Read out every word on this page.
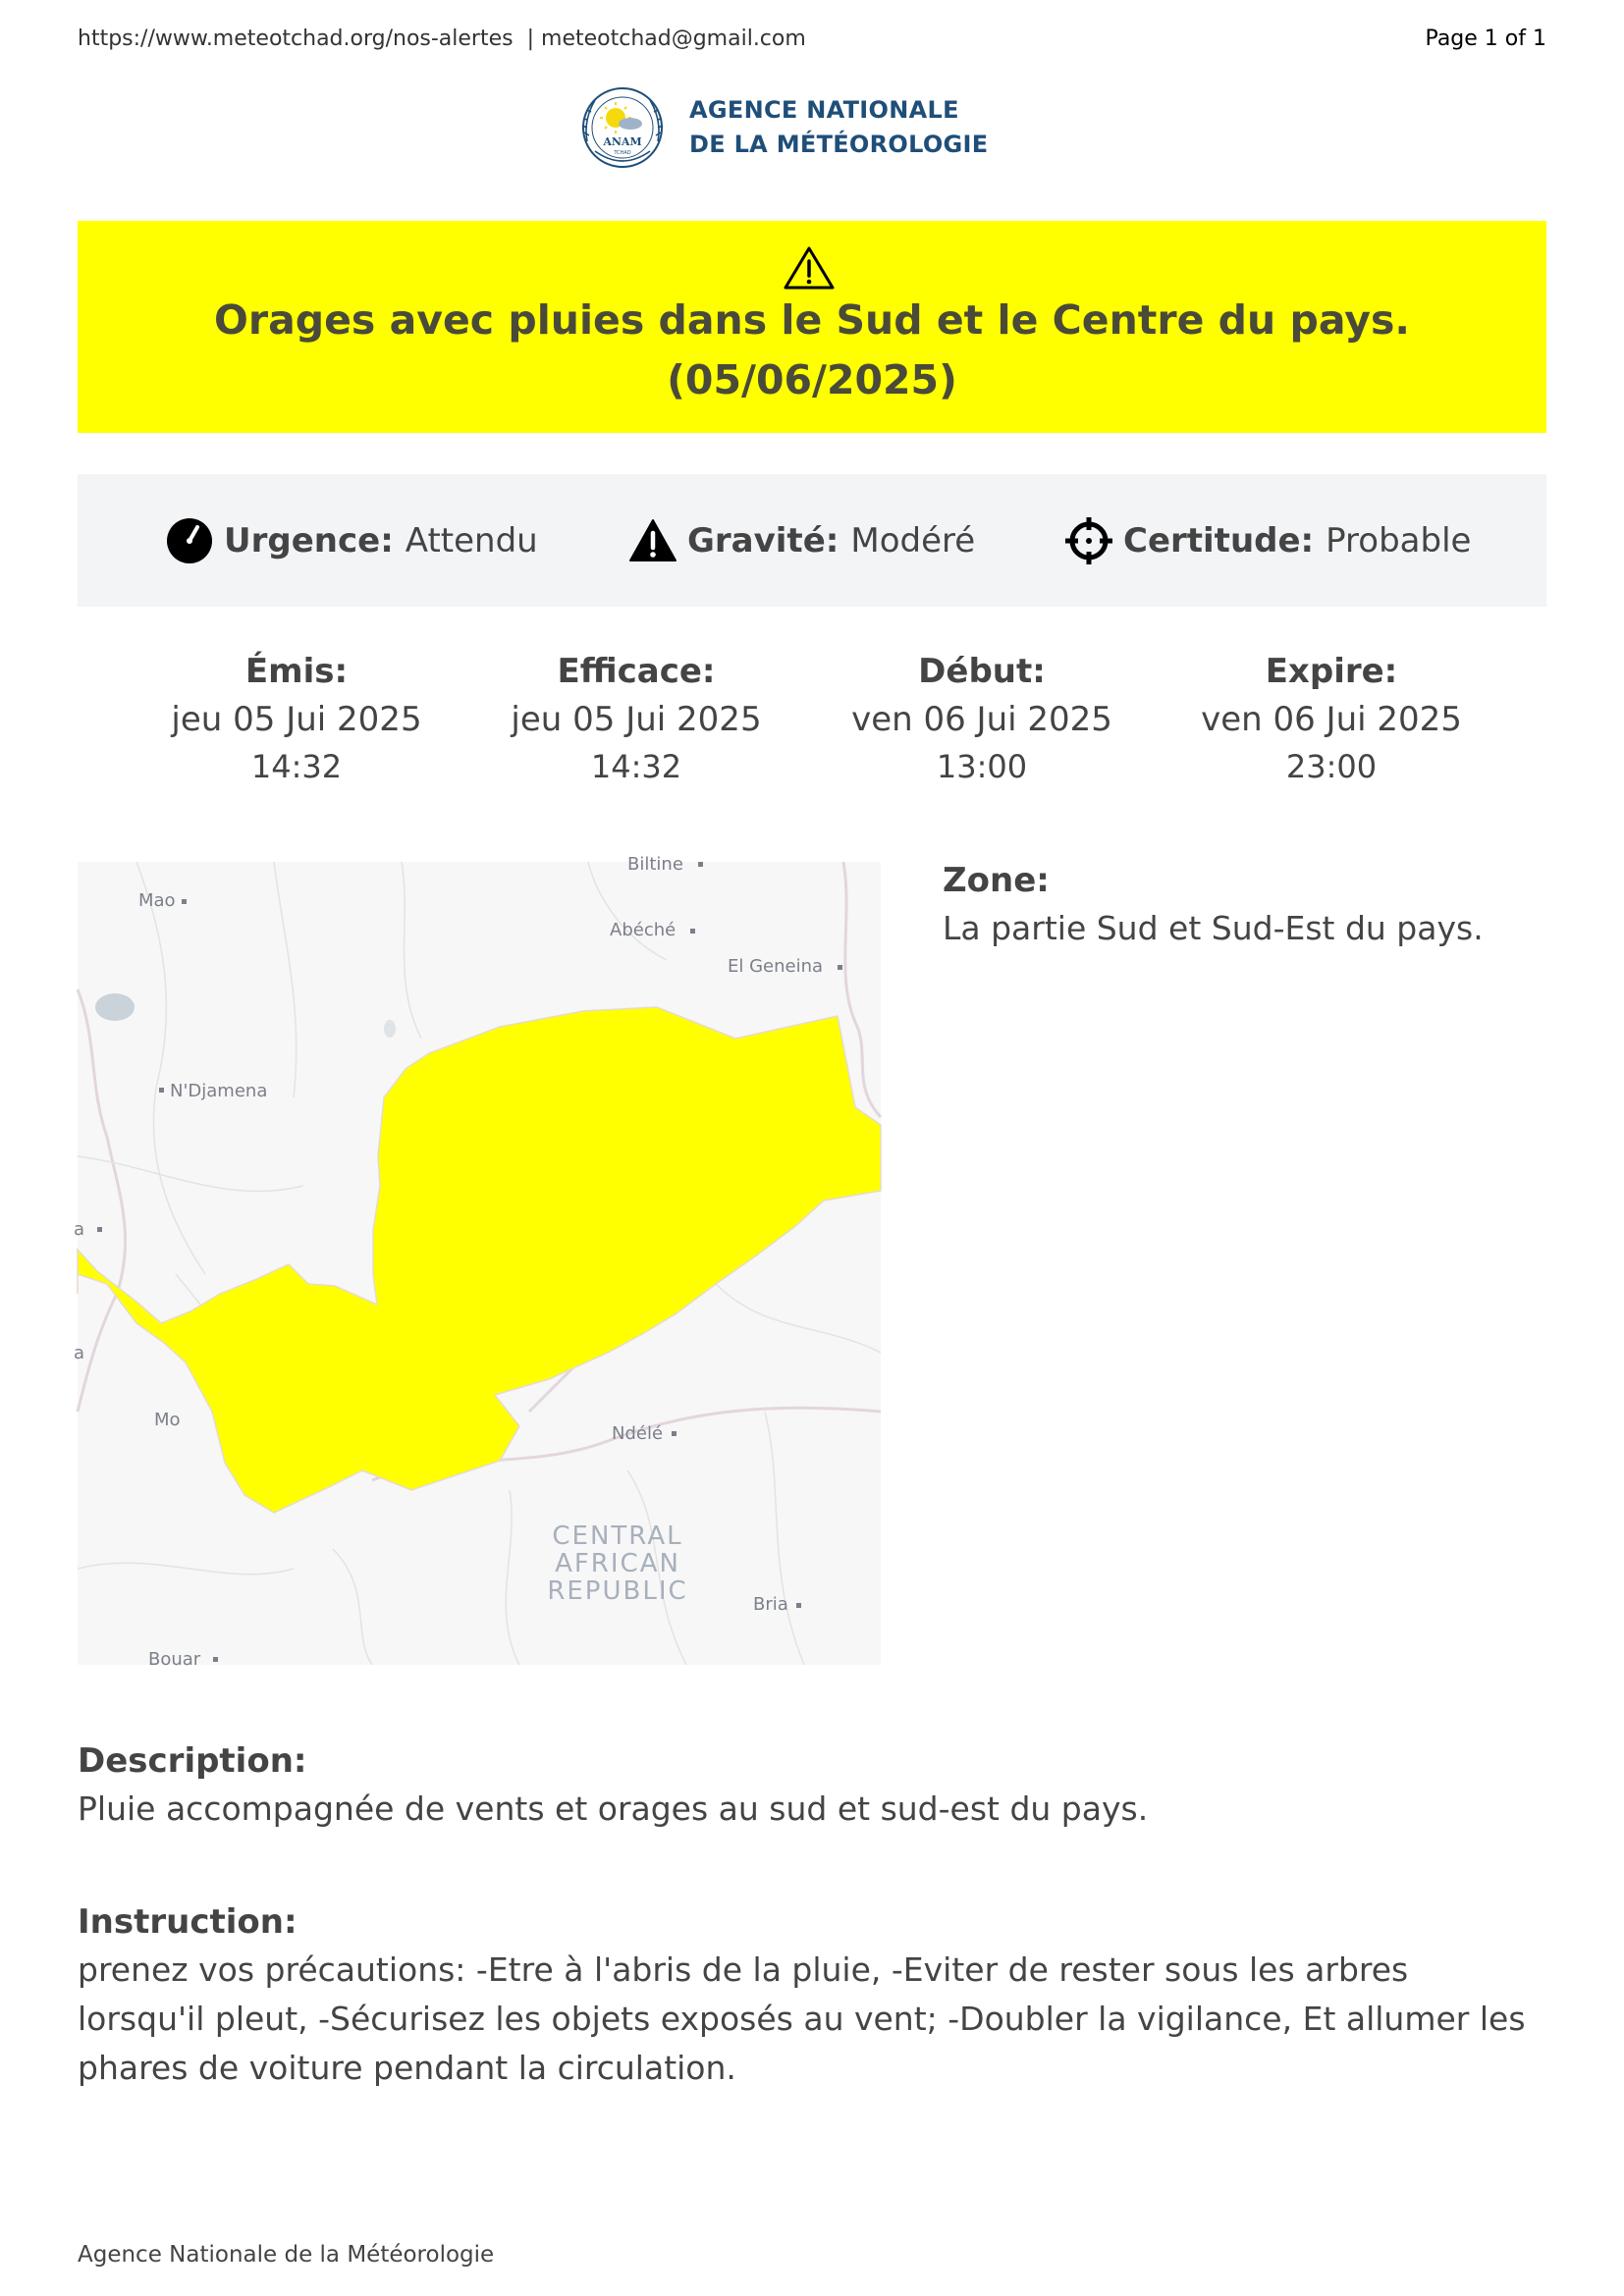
https://www.meteotchad.org/nos-alertes | meteotchad@gmail.com	Page 1 of 1
ANAM
TCHAD
AGENCE NATIONALE
DE LA MÉTÉOROLOGIE
Orages avec pluies dans le Sud et le Centre du pays.
(05/06/2025)
Urgence: Attendu	Gravité: Modéré	Certitude: Probable
Émis:
jeu 05 Jui 2025
14:32
Efficace:
jeu 05 Jui 2025
14:32
Début:
ven 06 Jui 2025
13:00
Expire:
ven 06 Jui 2025
23:00
Biltine
Mao
Abéché
El Geneina
N'Djamena
a
a
Mo
Ndélé
Bria
Bouar
CENTRAL
AFRICAN
REPUBLIC
Zone:
La partie Sud et Sud-Est du pays.
Description:
Pluie accompagnée de vents et orages au sud et sud-est du pays.
Instruction:
prenez vos précautions: -Etre à l'abris de la pluie, -Eviter de rester sous les arbres
lorsqu'il pleut, -Sécurisez les objets exposés au vent; -Doubler la vigilance, Et allumer les
phares de voiture pendant la circulation.
Agence Nationale de la Météorologie
